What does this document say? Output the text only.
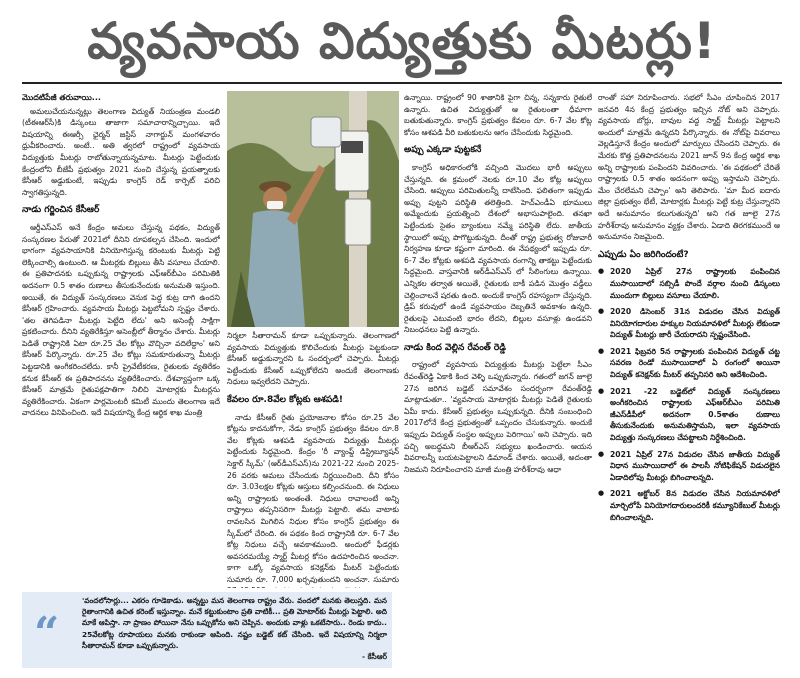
వ్యవసాయ విద్యుత్తుకు మీటర్లు!
మొదటిపేజీ తరువాయి...

అమలుచేయనున్నట్లు తెలంగాణ విద్యుత్ నియంత్రణ మండలి (టీఈఆర్‌సీ)కి డిస్కంలు తాజాగా సమాచారాన్నిచ్చాయి. ఇదే విషయాన్ని ఈఆర్సీ ఛైర్మన్ జస్టిస్ నాగార్జున్ మంగళవారం ధ్రువీకరించారు. అంటే.. అతి త్వరలో రాష్ట్రంలో వ్యవసాయ విద్యుత్తుకు మీటర్లు రాబోతున్నాయన్నమాట. మీటర్లు పెట్టేందుకు కేంద్రంలోని బీజేపీ ప్రభుత్వం 2021 నుంచి చేస్తున్న ప్రయత్నాలకు కేసీఆర్ అడ్డుకుంటే, ఇప్పుడు కాంగ్రెస్ రెడ్ కార్పెట్ పరిచి స్వాగతిస్తున్నది.

నాడు గర్జించిన కేసీఆర్

ఆర్డీఎస్ఎస్ అనే కేంద్రం అమలు చేస్తున్న పథకం, విద్యుత్ సంస్కరణల పేరుతో 2021లో దీనిని రూపకల్పన చేసింది. ఇందులో భాగంగా వ్యవసాయానికి వినియోగిస్తున్న కరెంటుకు మీటర్లు పెట్టి లెక్కించాల్సి ఉంటుంది. ఆ మీటర్లకు బిల్లులు తీసి వసూలు చేయాలి. ఈ ప్రతిపాదనకు ఒప్పుకున్న రాష్ట్రాలకు ఎఫ్ఆర్‌బీఎం పరిమితికి అదనంగా 0.5 శాతం రుణాలు తీసుకునేందుకు అనుమతి ఇస్తుంది. అయితే, ఈ విద్యుత్ సంస్కరణలు వెనుక పెద్ద కుట్ర దాగి ఉందని కేసీఆర్ గ్రహించారు. వ్యవసాయ మీటర్లు పెట్టబోమని స్పష్టం చేశారు. 'తల తెగిపడినా మీటర్లు పెట్టేది లేదు' అని అసెంబ్లీ సాక్షిగా ప్రకటించారు. దీనిని వ్యతిరేకిస్తూ అసెంబ్లీలో తీర్మానం చేశారు. మీటర్లు పెడితే రాష్ట్రానికి ఏటా రూ.25 వేల కోట్లు వొచ్చినా వదిలేద్దాం' అని కేసీఆర్ పేర్కొన్నారు. రూ.25 వేల కోట్లు సమకూరుతున్నా మీటర్లు పెట్టడానికి అంగీకరించలేదు. కానీ ప్రైవేటీకరణ, రైతులకు వ్యతిరేకం కనుక కేసీఆర్ ఈ ప్రతిపాదనను వ్యతిరేకించారు. దేశవ్యాప్తంగా ఒక్క కేసీఆర్ మాత్రమే రైతుపక్షపాతిగా నిలిచి మోటార్లకు మీటర్లను వ్యతిరేకించారు. ఏకంగా పార్లమెంటరీ కమిటీ ముందు తెలంగాణ ఇదే వాదనలు వినిపించింది. ఇదే విషయాన్ని కేంద్ర ఆర్థిక శాఖ మంత్రి

నిర్మలా సీతారామన్ కూడా ఒప్పుకున్నారు. తెలంగాణలో వ్యవసాయ విద్యుత్తుకు కొలిచేందుకు మీటర్లు పెట్టకుండా కేసీఆర్ అడ్డుకున్నారని ఓ సందర్భంలో చెప్పారు. మీటర్లు పెట్టేందుకు కేసీఆర్ ఒప్పుకోలేదని అందుకే తెలంగాణకు నిధులు ఇవ్వలేదని చెప్పారు.

కేవలం రూ.8వేల కోట్లకు ఆశపడి!

నాడు కేసీఆర్ రైతు ప్రయోజనాల కోసం రూ.25 వేల కోట్లను కాదనుకోగా, నేడు కాంగ్రెస్ ప్రభుత్వం కేవలం రూ.8 వేల కోట్లకు ఆశపడి వ్యవసాయ విద్యుత్తు మీటర్లు పెట్టేందుకు సిద్ధమైంది. కేంద్రం 'రీ వ్యాంప్డ్ డిస్ట్రిబ్యూషన్ సెక్టార్ స్కీమ్' (ఆర్‌డీఎస్ఎస్)ను 2021-22 నుంచి 2025-26 వరకు అమలు చేసేందుకు నిర్ణయించింది. దీని కోసం రూ. 3.03లక్షల కోట్లకు ఆస్తులు కల్పించనుంది. ఈ నిధులు అన్ని రాష్ట్రాలకు అంతంతే. నిధులు రావాలంటే అన్ని రాష్ట్రాలు తప్పనిసరిగా మీటర్లు పెట్టాలి. తమ వాటాకు రావలసిన మిగిలిన నిధుల కోసం కాంగ్రెస్ ప్రభుత్వం ఈ స్కీమ్‌లో చేరింది. ఈ పథకం కింద రాష్ట్రానికి రూ. 6-7 వేల కోట్ల నిధులు వచ్చే అవకాశముంది. అందులో ఫీడర్లకు అవసరమయ్యే స్మార్ట్ మీటర్ల కోసం ఉదహరించిన అంచనా. కాగా ఒక్కో వ్యవసాయ కనెక్షన్‌కు మీటర్ పెట్టేందుకు సుమారు రూ. 7,000 ఖర్చవుతుందని అంచనా. సుమారు

ఉన్నాయి. రాష్ట్రంలో 90 శాతానికి పైగా చిన్న, సన్నకారు రైతులే ఉన్నారు. ఉచిత విద్యుత్తుతో ఆ రైతులంతా ధీమాగా బతుకుతున్నారు. కాంగ్రెస్ ప్రభుత్వం కేవలం రూ. 6-7 వేల కోట్ల కోసం ఆశపడి వీరి బతుకులను ఆగం చేసేందుకు సిద్ధమైంది.

అప్పు ఎక్కడా పుట్టకనే

కాంగ్రెస్ అధికారంలోకి వచ్చింది మొదలు భారీ అప్పులు చేస్తున్నది. ఈ క్రమంలో నెలకు రూ.10 వేల కోట్ల అప్పులు చేసింది. అప్పులు పరిమితులన్నీ దాటేసింది. ఫలితంగా ఇప్పుడు అప్పు పుట్టని పరిస్థితి తలెత్తింది. హెచ్ఎండీఏ భూములు అమ్మేందుకు ప్రయత్నించి దేశంలో అభాసుపాలైంది. తనఖా పెట్టేందుకు సైతం బ్యాంకులు నమ్మే పరిస్థితి లేదు. జాతీయ స్థాయిలో అప్పు పొగొట్టుకున్నది. దీంతో రాష్ట్ర ప్రభుత్వ రోజువారీ నిర్వహణ కూడా కష్టంగా మారింది. ఈ నేపథ్యంలో ఇప్పుడు రూ. 6-7 వేల కోట్లకు ఆశపడి వ్యవసాయ రంగాన్ని తాకట్టు పెట్టేందుకు సిద్ధమైంది. వాస్తవానికి ఆర్‌డీఎస్ఎస్ లో సీలింగులు ఉన్నాయి. ఎన్నికల తర్వాత అయితే, రైతులకు బాకీ పడిన మొత్తం వడ్డీలు చెల్లించాలనే షరతు ఉంది. అందుకే కాంగ్రెస్ రహస్యంగా చేస్తున్నది. డ్రిప్ కరువులో ఉండే వ్యవసాయం దెబ్బతినే అవకాశం ఉన్నది. రైతులపై ఎటువంటి భారం లేదని, బిల్లుల వసూళ్లు ఉండవని నిబంధనలు పెట్టి ఉన్నారు.

నాడు కింద వెల్లిన రేవంత్ రెడ్డి

రాష్ట్రంలో వ్యవసాయ విద్యుత్తుకు మీటర్లు పెట్టేలా సీఎం రేవంత్‌రెడ్డి ఏకాకి కింద వెళ్ళి ఒప్పుకున్నారు. గతంలో జగన్ జూలై 27న జరిగిన బడ్జెట్ సమావేశం సందర్భంగా రేవంత్‌రెడ్డి మాట్లాడుతూ.. 'వ్యవసాయ మోటార్లకు మీటర్లు పెడితే రైతులకు ఏమీ కాదు. కేసీఆర్ ప్రభుత్వం ఒప్పుకున్నది. దీనికి సంబంధించి 2017లోనే కేంద్ర ప్రభుత్వంతో ఒప్పందం చేసుకున్నారు. అందుకే ఇప్పుడు విద్యుత్ సంస్థల అప్పులు పెరిగాయి' అని చెప్పారు. ఇది పచ్చి అబద్ధమని బీఆర్ఎస్ సభ్యులు ఖండించారు. ఆయన వివరాలన్నీ బయటపెట్టాలని డిమాండ్ చేశారు. అయితే, అదంతా నిజమని నిరూపించారని మాజీ మంత్రి హరీశ్‌రావు ఆధా

రాంతో సహా నిరూపించారు. సభలో సీఎం చూపించిన 2017 జనవరి 4న కేంద్ర ప్రభుత్వం ఇచ్చిన నోట్ అని చెప్పారు. వ్యవసాయ బోర్లు, బావుల వద్ద స్మార్ట్ మీటర్లు పెట్టాలని అందులో మాత్రమే ఉన్నదని పేర్కొన్నారు. ఈ నోట్‌పై వివరాలు వెల్లడిస్తూనే కేంద్రం అందులో మార్పులు చేసిందని చెప్పారు. ఈ మేరకు కొత్త ప్రతిపాదనలను 2021 జూన్ 9న కేంద్ర ఆర్థిక శాఖ అన్ని రాష్ట్రాలకు పంపిందని వివరించారు. 'ఈ పథకంలో చేరితే రాష్ట్రాలకు 0.5 శాతం అదనంగా అప్పు ఇస్తామని చెప్పారు. మేం చేరలేమని చెప్పాం' అని తెలిపారు. 'మా మీద ఐదారు జిల్లా ప్రభుత్వం భేటీ, మోటార్లకు మీటర్లు పెట్టే కుట్ర చేస్తున్నారని అదే అనుమానం కలుగుతున్నది' అని గత జూలై 27న హరీశ్‌రావు అనుమానం వ్యక్తం చేశారు. ఏడాది తిరగకముందే ఆ అనుమానం నిజమైంది.

ఎప్పుడు ఏం జరిగిందంటే?
● 2020 ఏప్రిల్ 27న రాష్ట్రాలకు పంపించిన ముసాయిదాలో సబ్సిడీ పొందే వర్గాల నుంచి డిస్కంలు ముందుగా బిల్లులు వసూలు చేయాలి.
● 2020 డిసెంబర్ 31న విడుదల చేసిన విద్యుత్ వినియోగదారుల హక్కుల నియమావళిలో మీటర్లు లేకుండా విద్యుత్ మీటర్లు జారీ చేయరాదని స్పష్టంచేసింది.
● 2021 ఫిబ్రవరి 5న రాష్ట్రాలకు పంపించిన విద్యుత్ చట్ట సవరణ రెండో ముసాయిదాలో ఏ రంగంలో అయినా విద్యుత్ కనెక్షన్‌కు మీటర్ తప్పనిసరి అని ఆదేశించింది.
● 2021 -22 బడ్జెట్‌లో విద్యుత్ సంస్కరణలు అంగీకరించిన రాష్ట్రాలకు ఎఫ్ఆర్‌బీఎం పరిమితి జీఎస్‌డీపీలో అదనంగా 0.5శాతం రుణాలు తీసుకునేందుకు అనుమతిస్తామని, ఇలా వ్యవసాయ విద్యుత్తు సంస్కరణలు చేపట్టాలని నిర్దేశించింది.
● 2021 ఏప్రిల్ 27న విడుదల చేసిన జాతీయ విద్యుత్ విధాన ముసాయిదాలో ఈ పాలసీ నోటిఫికేషన్ విడుదలైన ఏడాదిలోపు మీటర్లు బిగించాలన్నది.
● 2021 అక్టోబర్ 8న విడుదల చేసిన నియమావళిలో మార్చిలోపే వినియోగదారులందరికీ కమ్యూనికేబుల్ మీటర్లు బిగించాలన్నది.
“
'వందలోసార్లు... ఎకరం గూడెకాడు. అన్నట్టు మన తెలంగాణ రాష్ట్రం వేరు. వందలో మనకు తెలుస్తది. మన రైతాంగానికి ఉచిత కరెంట్ ఇస్తున్నాం. మనే కట్టుకుంటాం ప్రతి వాటికీ... ప్రతి మోటార్‌కు మీటర్లు పెట్టాలి. అది మాకే ఆపిస్తా. నా ప్రాణం పోయినా నేను ఒప్పుకోను అని చెప్పిన. అందుకు వాళ్లు ఒకటేసారు.. రెండు కాదు.. 25వేలకోట్ల రూపాయలు మనకు రాకుండా ఆపింది. నష్టం బడ్జెట్ కట్ చేసింది. ఇదే విషయాన్ని నిర్మలా సీతారామన్ కూడా ఒప్పుకున్నారు.
- కేసీఆర్
